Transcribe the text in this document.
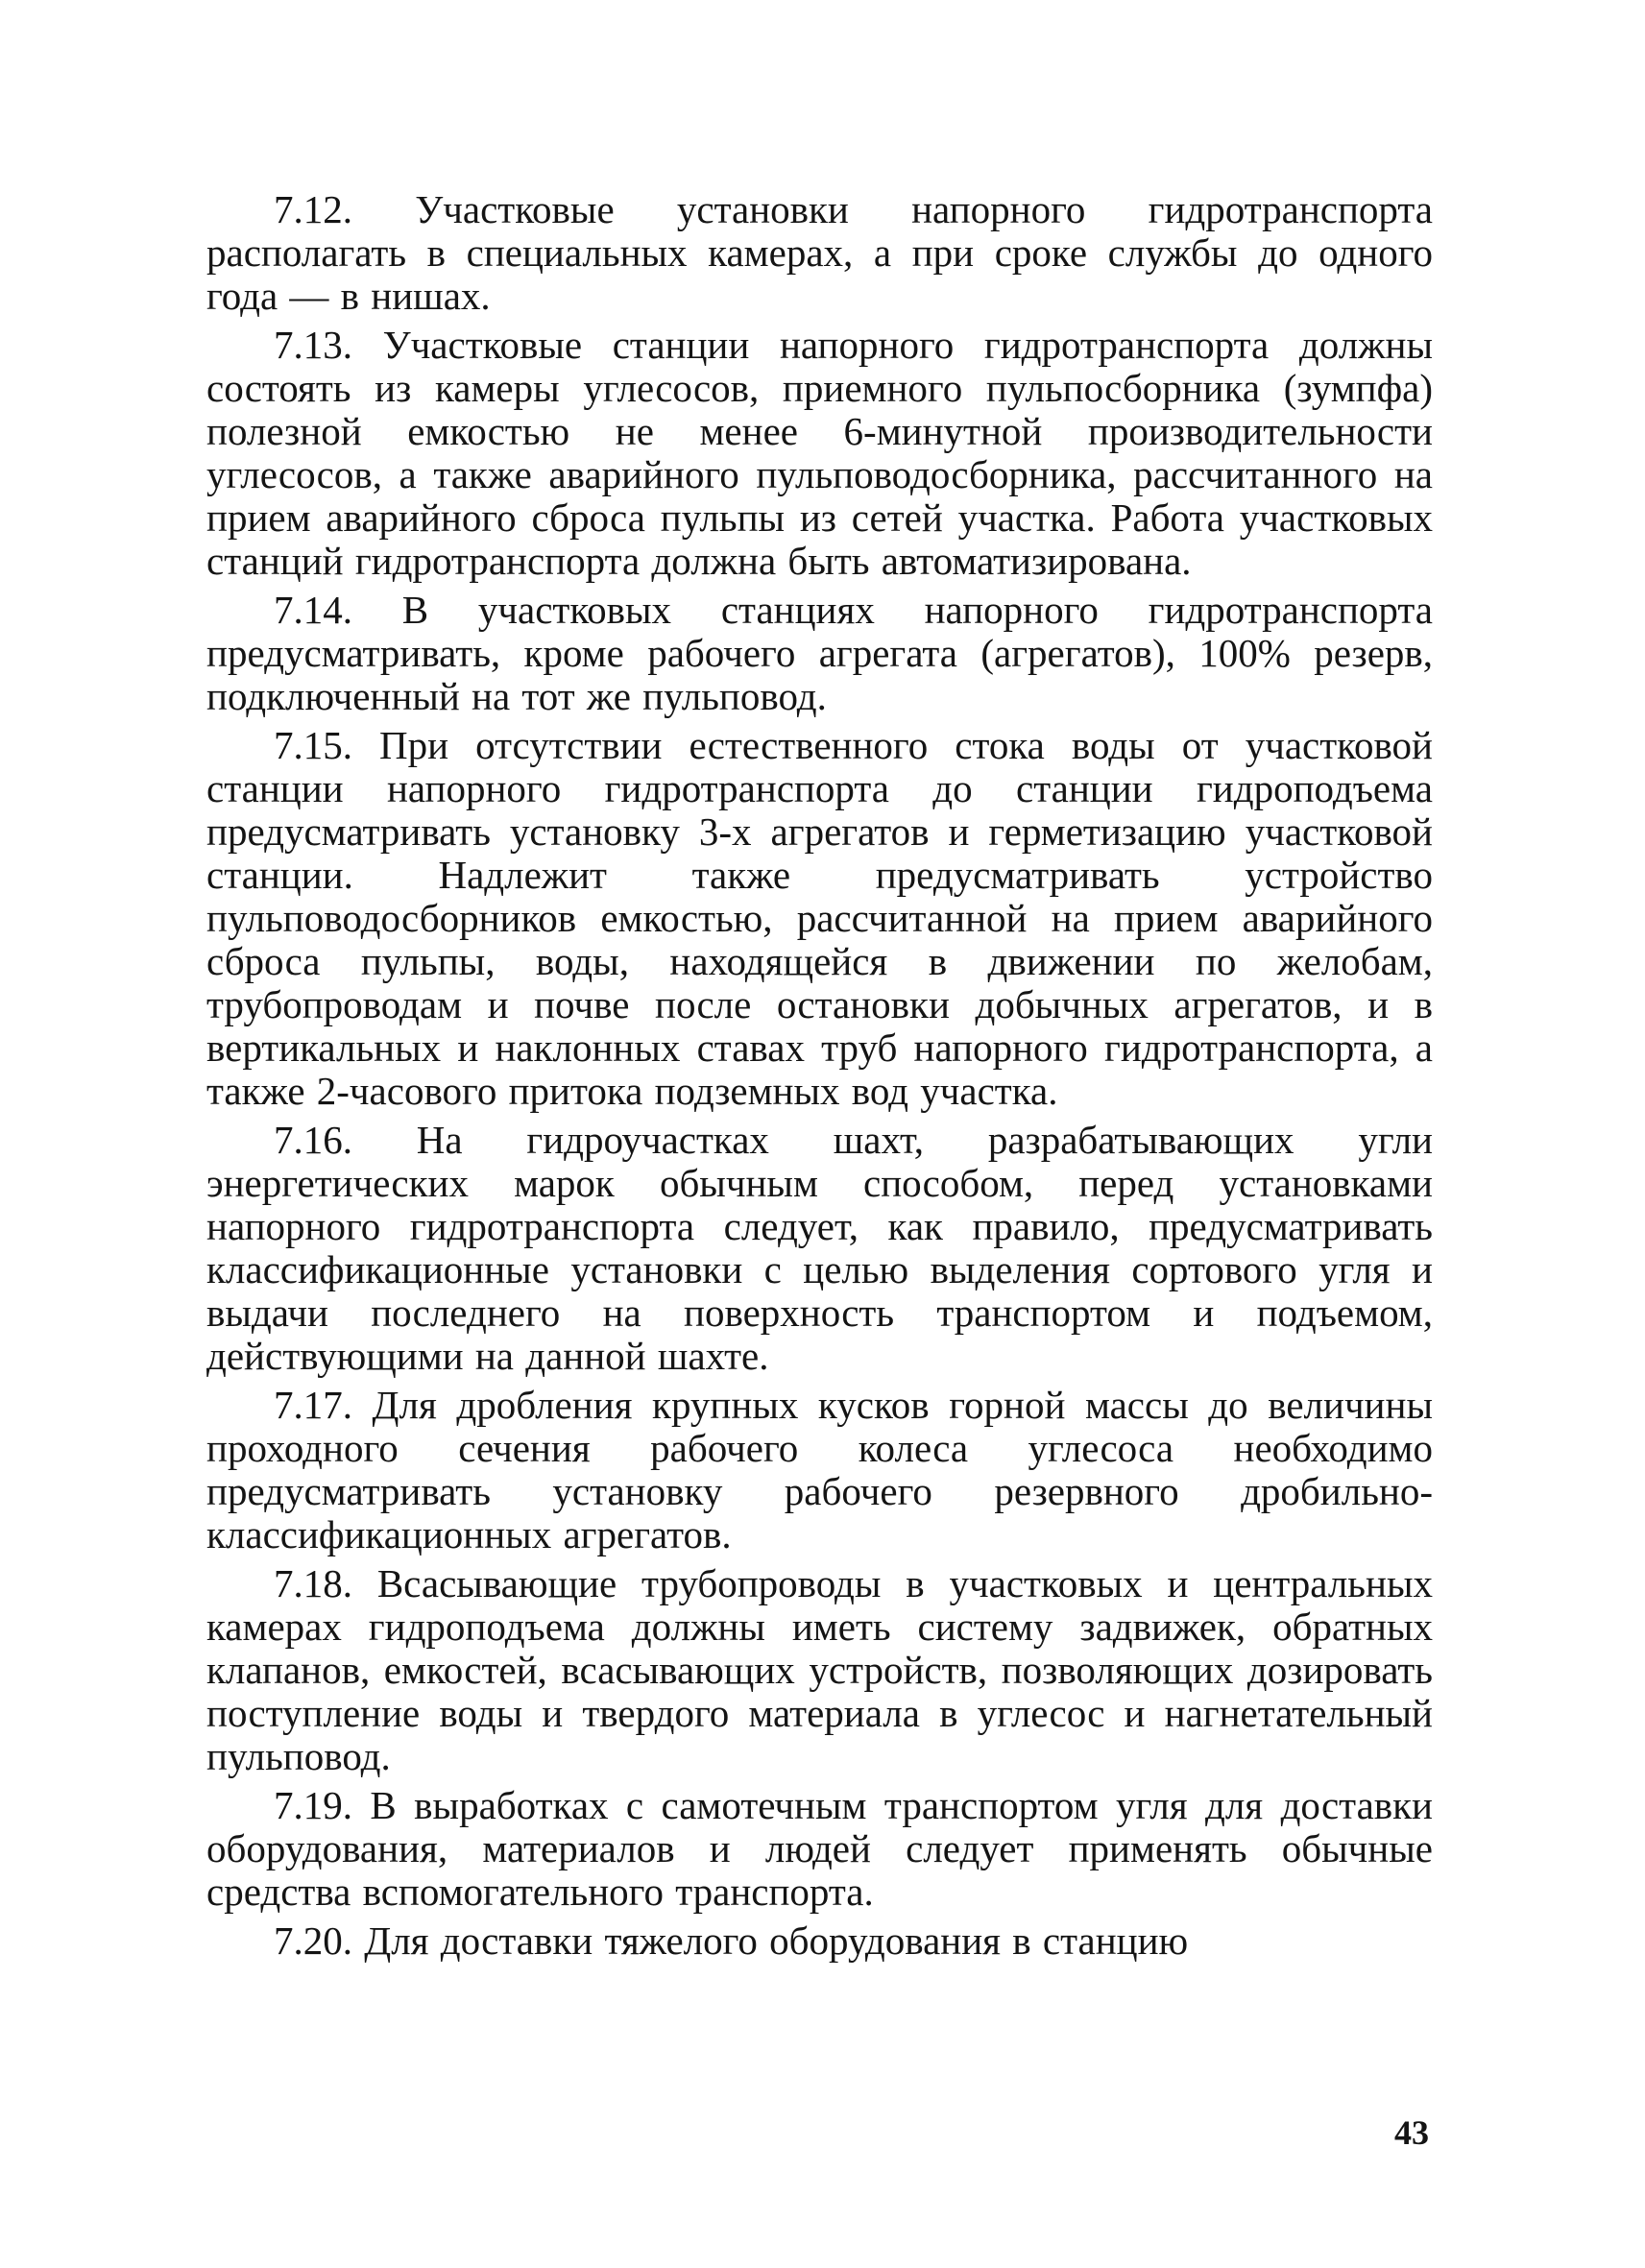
7.12. Участковые установки напорного гидротранспорта располагать в специальных камерах, а при сроке службы до одного года — в нишах.

7.13. Участковые станции напорного гидротранспорта должны состоять из камеры углесосов, приемного пульпосборника (зумпфа) полезной емкостью не менее 6-минутной производительности углесосов, а также аварийного пульповодосборника, рассчитанного на прием аварийного сброса пульпы из сетей участка. Работа участковых станций гидротранспорта должна быть автоматизирована.

7.14. В участковых станциях напорного гидротранспорта предусматривать, кроме рабочего агрегата (агрегатов), 100% резерв, подключенный на тот же пульповод.

7.15. При отсутствии естественного стока воды от участковой станции напорного гидротранспорта до станции гидроподъема предусматривать установку 3-х агрегатов и герметизацию участковой станции. Надлежит также предусматривать устройство пульповодосборников емкостью, рассчитанной на прием аварийного сброса пульпы, воды, находящейся в движении по желобам, трубопроводам и почве после остановки добычных агрегатов, и в вертикальных и наклонных ставах труб напорного гидротранспорта, а также 2-часового притока подземных вод участка.

7.16. На гидроучастках шахт, разрабатывающих угли энергетических марок обычным способом, перед установками напорного гидротранспорта следует, как правило, предусматривать классификационные установки с целью выделения сортового угля и выдачи последнего на поверхность транспортом и подъемом, действующими на данной шахте.

7.17. Для дробления крупных кусков горной массы до величины проходного сечения рабочего колеса углесоса необходимо предусматривать установку рабочего резервного дробильно-классификационных агрегатов.

7.18. Всасывающие трубопроводы в участковых и центральных камерах гидроподъема должны иметь систему задвижек, обратных клапанов, емкостей, всасывающих устройств, позволяющих дозировать поступление воды и твердого материала в углесос и нагнетательный пульповод.

7.19. В выработках с самотечным транспортом угля для доставки оборудования, материалов и людей следует применять обычные средства вспомогательного транспорта.

7.20. Для доставки тяжелого оборудования в станцию

43
